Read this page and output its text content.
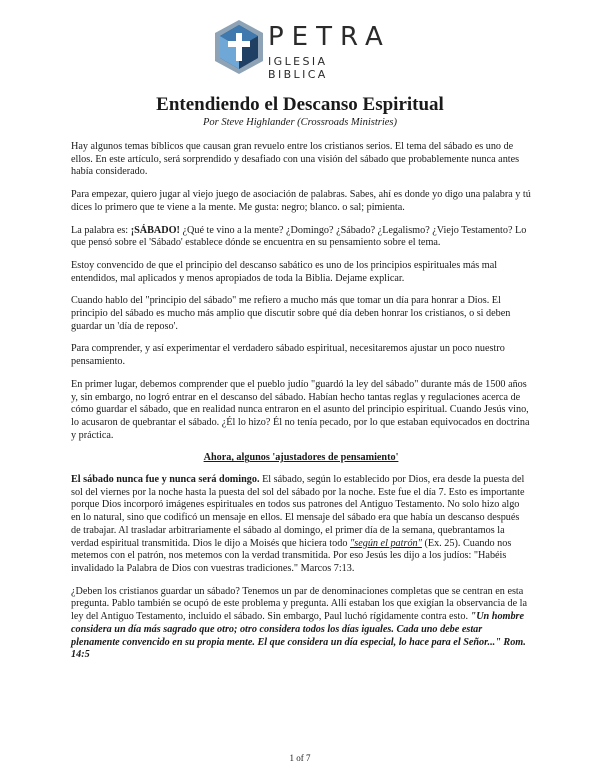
PETRA
IGLESIA BIBLICA
Entendiendo el Descanso Espiritual
Por Steve Highlander (Crossroads Ministries)

Hay algunos temas bíblicos que causan gran revuelo entre los cristianos serios. El tema del sábado es uno de ellos. En este artículo, será sorprendido y desafiado con una visión del sábado que probablemente nunca antes había considerado.

Para empezar, quiero jugar al viejo juego de asociación de palabras. Sabes, ahí es donde yo digo una palabra y tú dices lo primero que te viene a la mente. Me gusta: negro; blanco. o sal; pimienta.

La palabra es: ¡SÁBADO! ¿Qué te vino a la mente? ¿Domingo? ¿Sábado? ¿Legalismo? ¿Viejo Testamento? Lo que pensó sobre el 'Sábado' establece dónde se encuentra en su pensamiento sobre el tema.

Estoy convencido de que el principio del descanso sabático es uno de los principios espirituales más mal entendidos, mal aplicados y menos apropiados de toda la Biblia. Dejame explicar.

Cuando hablo del "principio del sábado" me refiero a mucho más que tomar un día para honrar a Dios. El principio del sábado es mucho más amplio que discutir sobre qué día deben honrar los cristianos, o si deben guardar un 'día de reposo'.

Para comprender, y así experimentar el verdadero sábado espiritual, necesitaremos ajustar un poco nuestro pensamiento.

En primer lugar, debemos comprender que el pueblo judío "guardó la ley del sábado" durante más de 1500 años y, sin embargo, no logró entrar en el descanso del sábado. Habían hecho tantas reglas y regulaciones acerca de cómo guardar el sábado, que en realidad nunca entraron en el asunto del principio espiritual. Cuando Jesús vino, lo acusaron de quebrantar el sábado. ¿Él lo hizo? Él no tenía pecado, por lo que estaban equivocados en doctrina y práctica.

Ahora, algunos 'ajustadores de pensamiento'

El sábado nunca fue y nunca será domingo. El sábado, según lo establecido por Dios, era desde la puesta del sol del viernes por la noche hasta la puesta del sol del sábado por la noche. Este fue el día 7. Esto es importante porque Dios incorporó imágenes espirituales en todos sus patrones del Antiguo Testamento. No solo hizo algo en lo natural, sino que codificó un mensaje en ellos. El mensaje del sábado era que había un descanso después de trabajar. Al trasladar arbitrariamente el sábado al domingo, el primer día de la semana, quebrantamos la verdad espiritual transmitida. Dios le dijo a Moisés que hiciera todo "según el patrón" (Ex. 25). Cuando nos metemos con el patrón, nos metemos con la verdad transmitida. Por eso Jesús les dijo a los judíos: "Habéis invalidado la Palabra de Dios con vuestras tradiciones." Marcos 7:13.

¿Deben los cristianos guardar un sábado? Tenemos un par de denominaciones completas que se centran en esta pregunta. Pablo también se ocupó de este problema y pregunta. Allí estaban los que exigían la observancia de la ley del Antiguo Testamento, incluido el sábado. Sin embargo, Paul luchó rígidamente contra esto. "Un hombre considera un día más sagrado que otro; otro considera todos los días iguales. Cada uno debe estar plenamente convencido en su propia mente. El que considera un día especial, lo hace para el Señor..." Rom. 14:5

1 of 7
